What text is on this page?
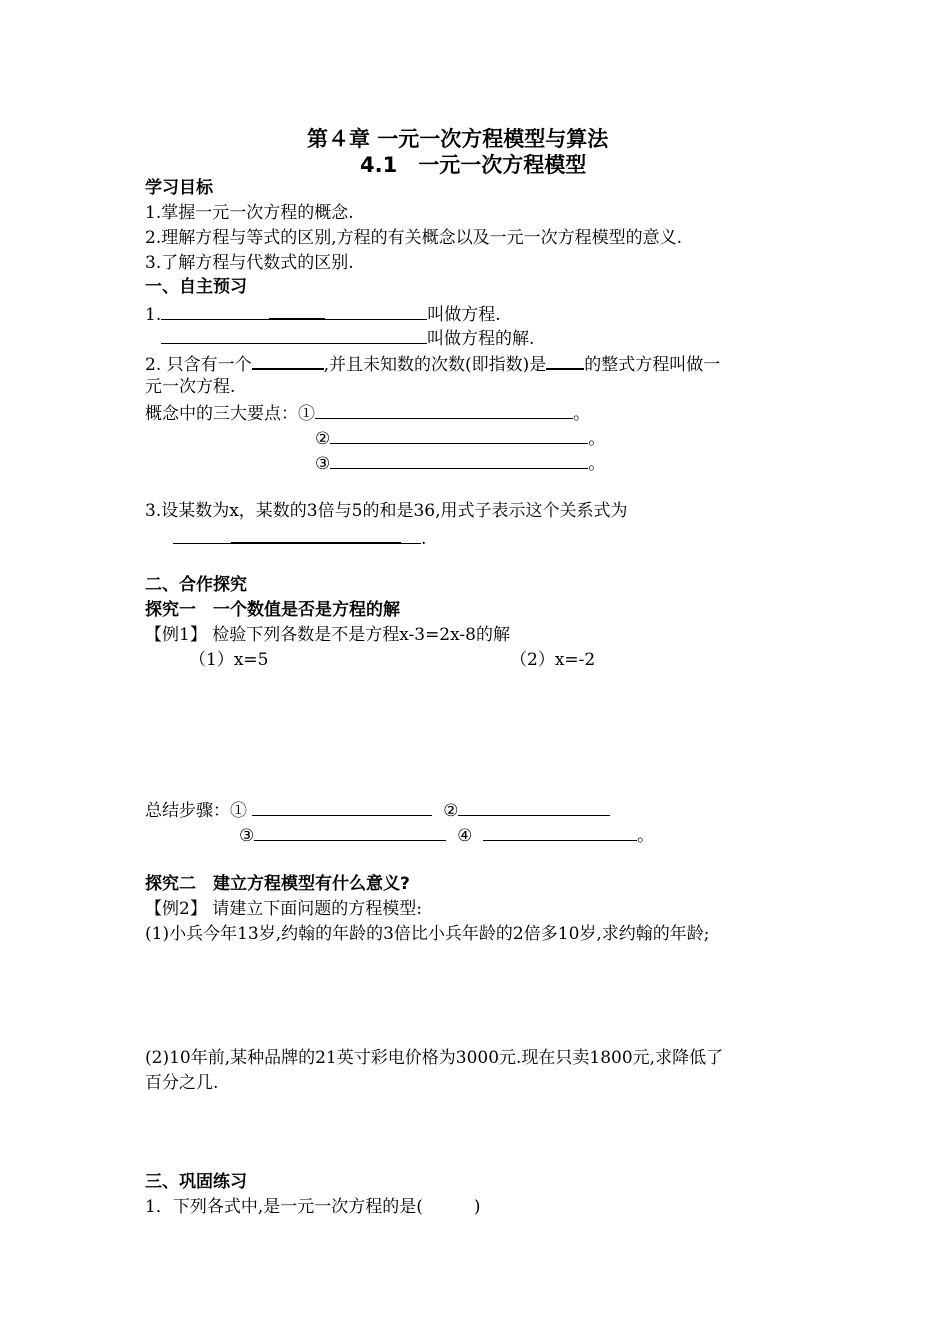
第４章 一元一次方程模型与算法
4.1　一元一次方程模型
学习目标
1.掌握一元一次方程的概念.
2.理解方程与等式的区别,方程的有关概念以及一元一次方程模型的意义.
3.了解方程与代数式的区别.
一、自主预习
1.	叫做方程.
叫做方程的解.
2. 只含有一个	,并且未知数的次数(即指数)是 的整式方程叫做一
元一次方程.
概念中的三大要点：①	。
②	。
③	。
3.设某数为x，某数的3倍与5的和是36,用式子表示这个关系式为
.
二、合作探究
探究一　一个数值是否是方程的解
【例1】 检验下列各数是不是方程x-3=2x-8的解
（1）x=5	（2）x=-2
总结步骤：①	②
③	④	。
探究二　建立方程模型有什么意义?
【例2】 请建立下面问题的方程模型:
(1)小兵今年13岁,约翰的年龄的3倍比小兵年龄的2倍多10岁,求约翰的年龄;
(2)10年前,某种品牌的21英寸彩电价格为3000元.现在只卖1800元,求降低了
百分之几.
三、巩固练习
1．下列各式中,是一元一次方程的是(　　　)
